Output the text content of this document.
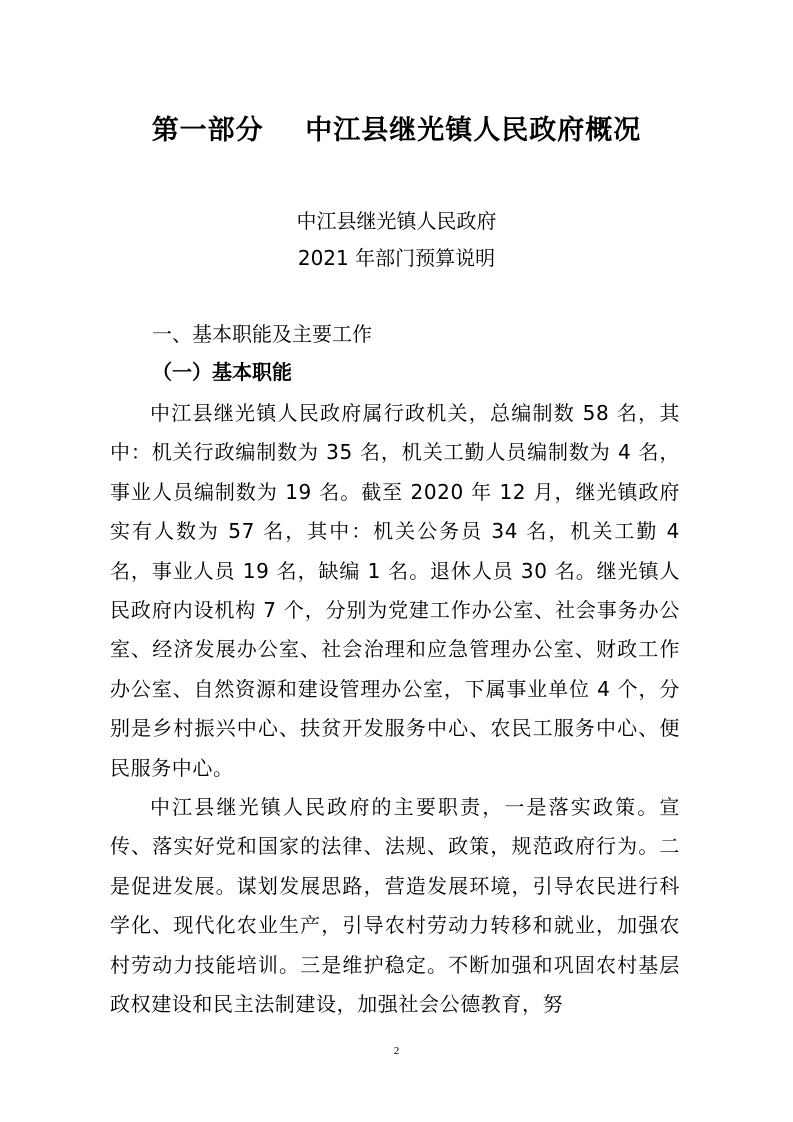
第一部分    中江县继光镇人民政府概况
中江县继光镇人民政府
2021 年部门预算说明
一、基本职能及主要工作
（一）基本职能
中江县继光镇人民政府属行政机关，总编制数 58 名，其中：机关行政编制数为 35 名，机关工勤人员编制数为 4 名，事业人员编制数为 19 名。截至 2020 年 12 月，继光镇政府实有人数为 57 名，其中：机关公务员 34 名，机关工勤 4 名，事业人员 19 名，缺编 1 名。退休人员 30 名。继光镇人民政府内设机构 7 个，分别为党建工作办公室、社会事务办公室、经济发展办公室、社会治理和应急管理办公室、财政工作办公室、自然资源和建设管理办公室，下属事业单位 4 个，分别是乡村振兴中心、扶贫开发服务中心、农民工服务中心、便民服务中心。
中江县继光镇人民政府的主要职责，一是落实政策。宣传、落实好党和国家的法律、法规、政策，规范政府行为。二是促进发展。谋划发展思路，营造发展环境，引导农民进行科学化、现代化农业生产，引导农村劳动力转移和就业，加强农村劳动力技能培训。三是维护稳定。不断加强和巩固农村基层政权建设和民主法制建设，加强社会公德教育，努
2
